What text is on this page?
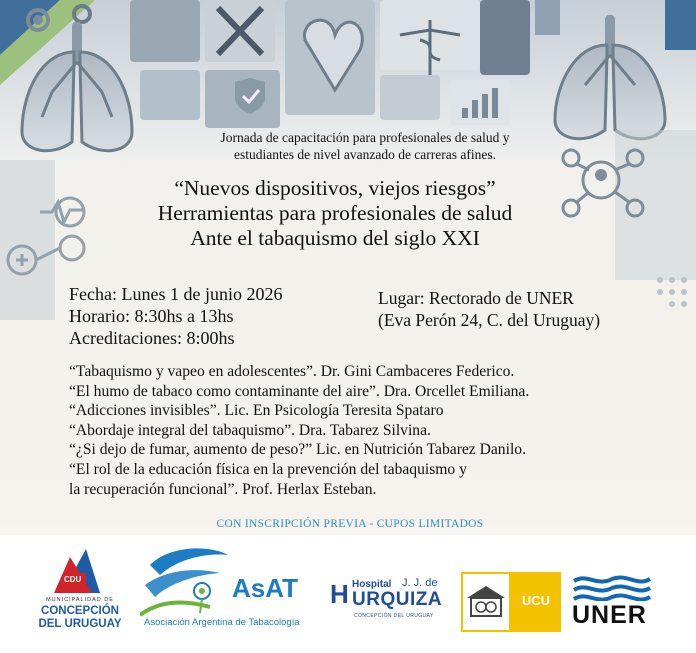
Jornada de capacitación para profesionales de salud y
estudiantes de nivel avanzado de carreras afines.
“Nuevos dispositivos, viejos riesgos”
Herramientas para profesionales de salud
Ante el tabaquismo del siglo XXI
Fecha: Lunes 1 de junio 2026
Horario: 8:30hs a 13hs
Acreditaciones: 8:00hs
Lugar: Rectorado de UNER
(Eva Perón 24, C. del Uruguay)
“Tabaquismo y vapeo en adolescentes”. Dr. Gini Cambaceres Federico.
“El humo de tabaco como contaminante del aire”. Dra. Orcellet Emiliana.
“Adicciones invisibles”. Lic. En Psicología Teresita Spataro
“Abordaje integral del tabaquismo”. Dra. Tabarez Silvina.
“¿Si dejo de fumar, aumento de peso?” Lic. en Nutrición Tabarez Danilo.
“El rol de la educación física en la prevención del tabaquismo y
la recuperación funcional”. Prof. Herlax Esteban.
CON INSCRIPCIÓN PREVIA - CUPOS LIMITADOS
CDU
MUNICIPALIDAD DE
CONCEPCIÓN
DEL URUGUAY
AsAT
Asociación Argentina de Tabacología
H Hospital J. J. de
URQUIZA
CONCEPCIÓN DEL URUGUAY
UCU
UNER
